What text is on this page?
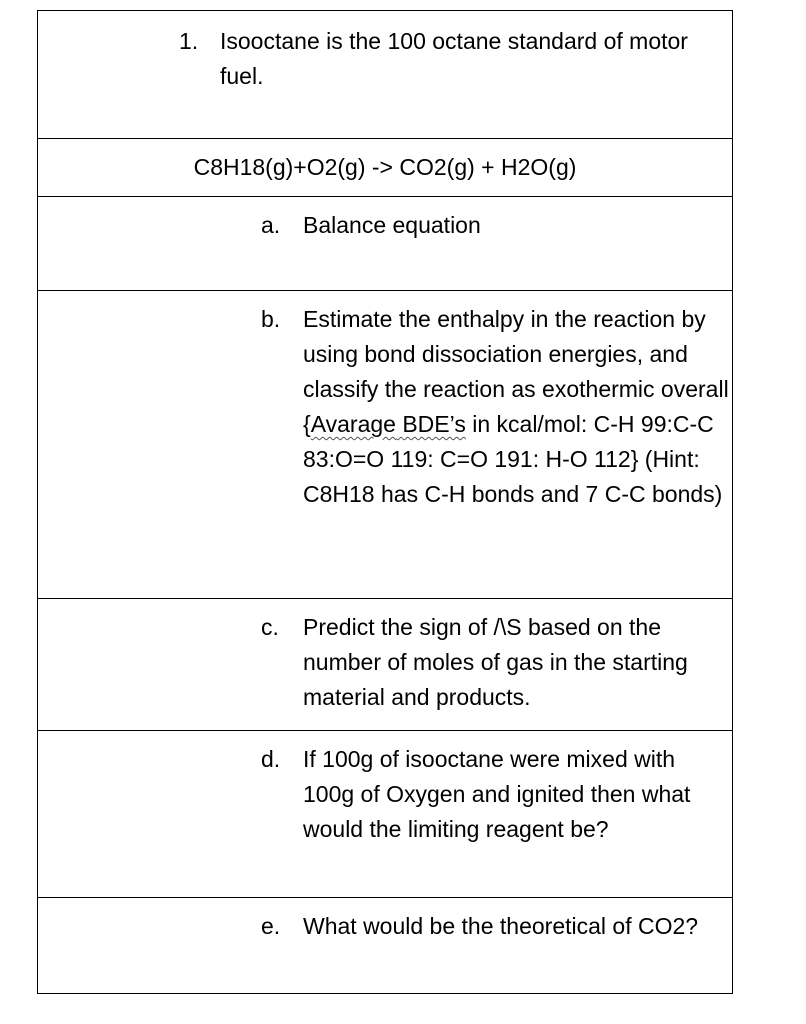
1. Isooctane is the 100 octane standard of motor fuel.
C8H18(g)+O2(g) -> CO2(g) + H2O(g)
a. Balance equation
b. Estimate the enthalpy in the reaction by using bond dissociation energies, and classify the reaction as exothermic overall {Avarage BDE’s in kcal/mol: C-H 99:C-C 83:O=O 119: C=O 191: H-O 112} (Hint: C8H18 has C-H bonds and 7 C-C bonds)
c. Predict the sign of /\S based on the number of moles of gas in the starting material and products.
d. If 100g of isooctane were mixed with 100g of Oxygen and ignited then what would the limiting reagent be?
e. What would be the theoretical of CO2?
